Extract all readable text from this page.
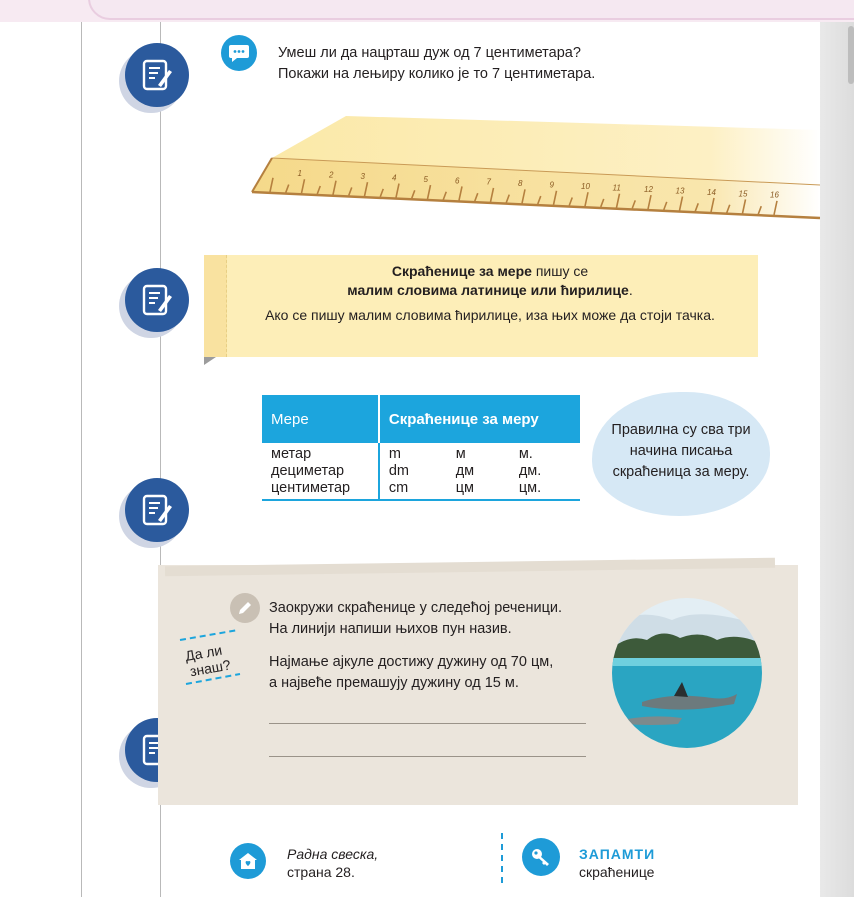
Умеш ли да нацрташ дуж од 7 центиметара?
Покажи на лењиру колико је то 7 центиметара.
1	2	3	4	5	6	7	8	9	10	11	12	13	14	15	16

Скраћенице за мере пишу се
малим словима латинице или ћирилице.

Ако се пишу малим словима ћирилице, иза њих може да стоји тачка.

Мере	Скраћенице за меру		
метар	m	м	м.
дециметар	dm	дм	дм.
центиметар	cm	цм	цм.
Правилна су сва три начина писања скраћеница за меру.

Заокружи скраћенице у следећој реченици.
На линији напиши њихов пун назив.

Најмање ајкуле достижу дужину од 70 цм,
а највеће премашују дужину од 15 м.

Да ли
знаш?
Радна свеска,
страна 28.
ЗАПАМТИ
скраћенице
